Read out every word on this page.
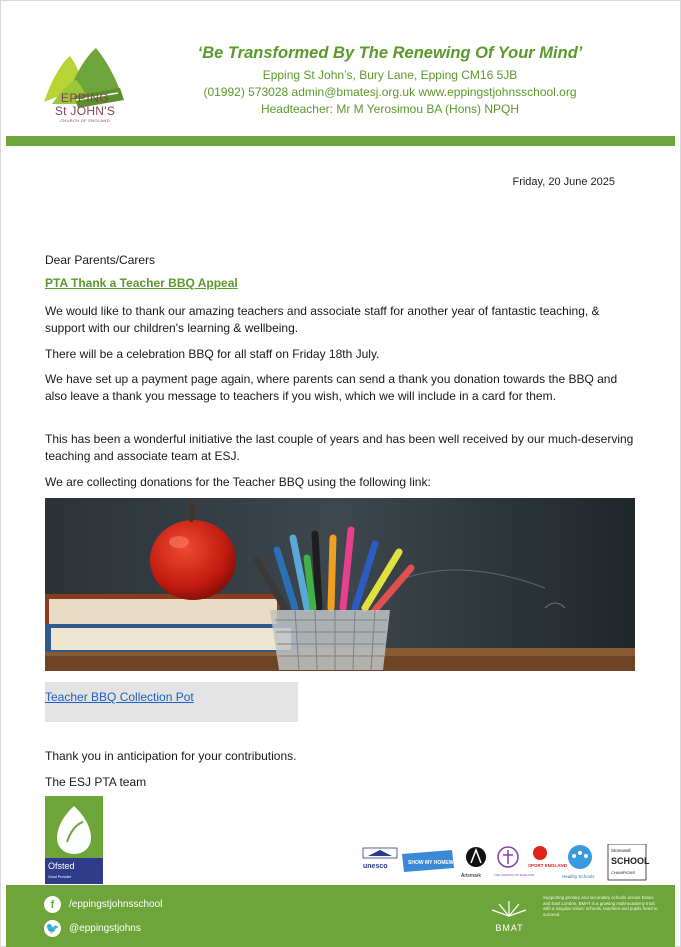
EPPING
St JOHN'S
CHURCH OF ENGLAND
‘Be Transformed By The Renewing Of Your Mind’
Epping St John’s, Bury Lane, Epping CM16 5JB
(01992) 573028 admin@bmatesj.org.uk www.eppingstjohnsschool.org
Headteacher: Mr M Yerosimou BA (Hons) NPQH
Friday, 20 June 2025
Dear Parents/Carers
PTA Thank a Teacher BBQ Appeal
We would like to thank our amazing teachers and associate staff for another year of fantastic teaching, & support with our children's learning & wellbeing.
There will be a celebration BBQ for all staff on Friday 18th July.
We have set up a payment page again, where parents can send a thank you donation towards the BBQ and also leave a thank you message to teachers if you wish, which we will include in a card for them.
This has been a wonderful initiative the last couple of years and has been well received by our much-deserving teaching and associate team at ESJ.
We are collecting donations for the Teacher BBQ using the following link:
Teacher BBQ Collection Pot
Thank you in anticipation for your contributions.
The ESJ PTA team
Ofsted
Good Provider
unesco	SHOW MY HOMEWORK
Artsmark	THE CHURCH OF ENGLAND
SPORT ENGLAND
Healthy Schools
Stonewall
SCHOOL
CHAMPIONS
f	/eppingstjohnsschool
🐦 @eppingstjohns	BMAT
Supporting primary and secondary schools across Essex and East London, BMAT is a growing multi-academy trust with a singular vision: schools, teachers and pupils freed to succeed.
